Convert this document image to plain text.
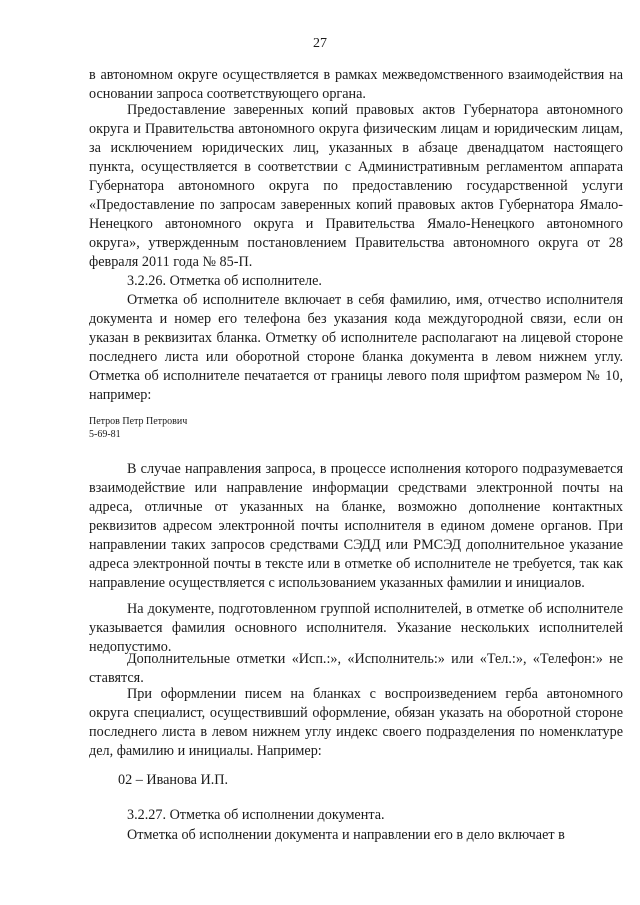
27

в автономном округе осуществляется в рамках межведомственного взаимодействия на основании запроса соответствующего органа.

Предоставление заверенных копий правовых актов Губернатора автономного округа и Правительства автономного округа физическим лицам и юридическим лицам, за исключением юридических лиц, указанных в абзаце двенадцатом настоящего пункта, осуществляется в соответствии с Административным регламентом аппарата Губернатора автономного округа по предоставлению государственной услуги «Предоставление по запросам заверенных копий правовых актов Губернатора Ямало-Ненецкого автономного округа и Правительства Ямало-Ненецкого автономного округа», утвержденным постановлением Правительства автономного округа от 28 февраля 2011 года № 85-П.

3.2.26. Отметка об исполнителе.

Отметка об исполнителе включает в себя фамилию, имя, отчество исполнителя документа и номер его телефона без указания кода междугородной связи, если он указан в реквизитах бланка. Отметку об исполнителе располагают на лицевой стороне последнего листа или оборотной стороне бланка документа в левом нижнем углу. Отметка об исполнителе печатается от границы левого поля шрифтом размером № 10, например:

Петров Петр Петрович
5-69-81

В случае направления запроса, в процессе исполнения которого подразумевается взаимодействие или направление информации средствами электронной почты на адреса, отличные от указанных на бланке, возможно дополнение контактных реквизитов адресом электронной почты исполнителя в едином домене органов. При направлении таких запросов средствами СЭДД или РМСЭД дополнительное указание адреса электронной почты в тексте или в отметке об исполнителе не требуется, так как направление осуществляется с использованием указанных фамилии и инициалов.

На документе, подготовленном группой исполнителей, в отметке об исполнителе указывается фамилия основного исполнителя. Указание нескольких исполнителей недопустимо.

Дополнительные отметки «Исп.:», «Исполнитель:» или «Тел.:», «Телефон:» не ставятся.

При оформлении писем на бланках с воспроизведением герба автономного округа специалист, осуществивший оформление, обязан указать на оборотной стороне последнего листа в левом нижнем углу индекс своего подразделения по номенклатуре дел, фамилию и инициалы. Например:

02 – Иванова И.П.

3.2.27. Отметка об исполнении документа.

Отметка об исполнении документа и направлении его в дело включает в
